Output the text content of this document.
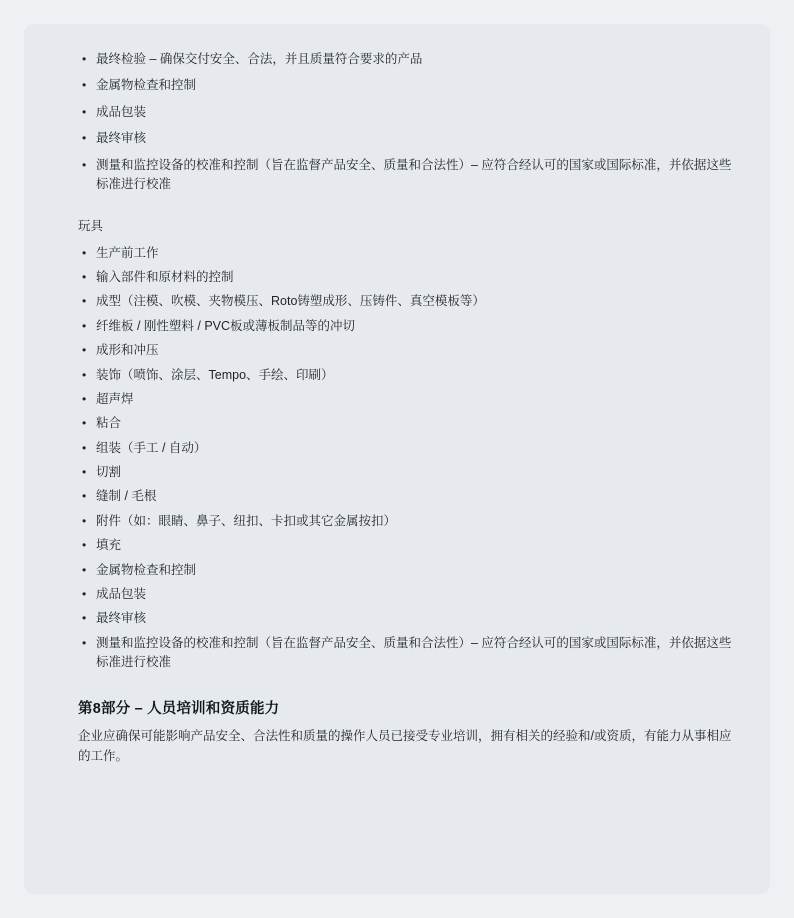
• 最终检验 – 确保交付安全、合法，并且质量符合要求的产品
• 金属物检查和控制
• 成品包装
• 最终审核
• 测量和监控设备的校准和控制（旨在监督产品安全、质量和合法性）– 应符合经认可的国家或国际标准，并依据这些标准进行校准
玩具
• 生产前工作
• 输入部件和原材料的控制
• 成型（注模、吹模、夹物模压、Roto铸塑成形、压铸件、真空模板等）
• 纤维板 / 刚性塑料 / PVC板或薄板制品等的冲切
• 成形和冲压
• 装饰（喷饰、涂层、Tempo、手绘、印刷）
• 超声焊
• 粘合
• 组装（手工 / 自动）
• 切割
• 缝制 / 毛根
• 附件（如：眼睛、鼻子、纽扣、卡扣或其它金属按扣）
• 填充
• 金属物检查和控制
• 成品包装
• 最终审核
• 测量和监控设备的校准和控制（旨在监督产品安全、质量和合法性）– 应符合经认可的国家或国际标准，并依据这些标准进行校准
第8部分 – 人员培训和资质能力

企业应确保可能影响产品安全、合法性和质量的操作人员已接受专业培训，拥有相关的经验和/或资质，有能力从事相应的工作。
